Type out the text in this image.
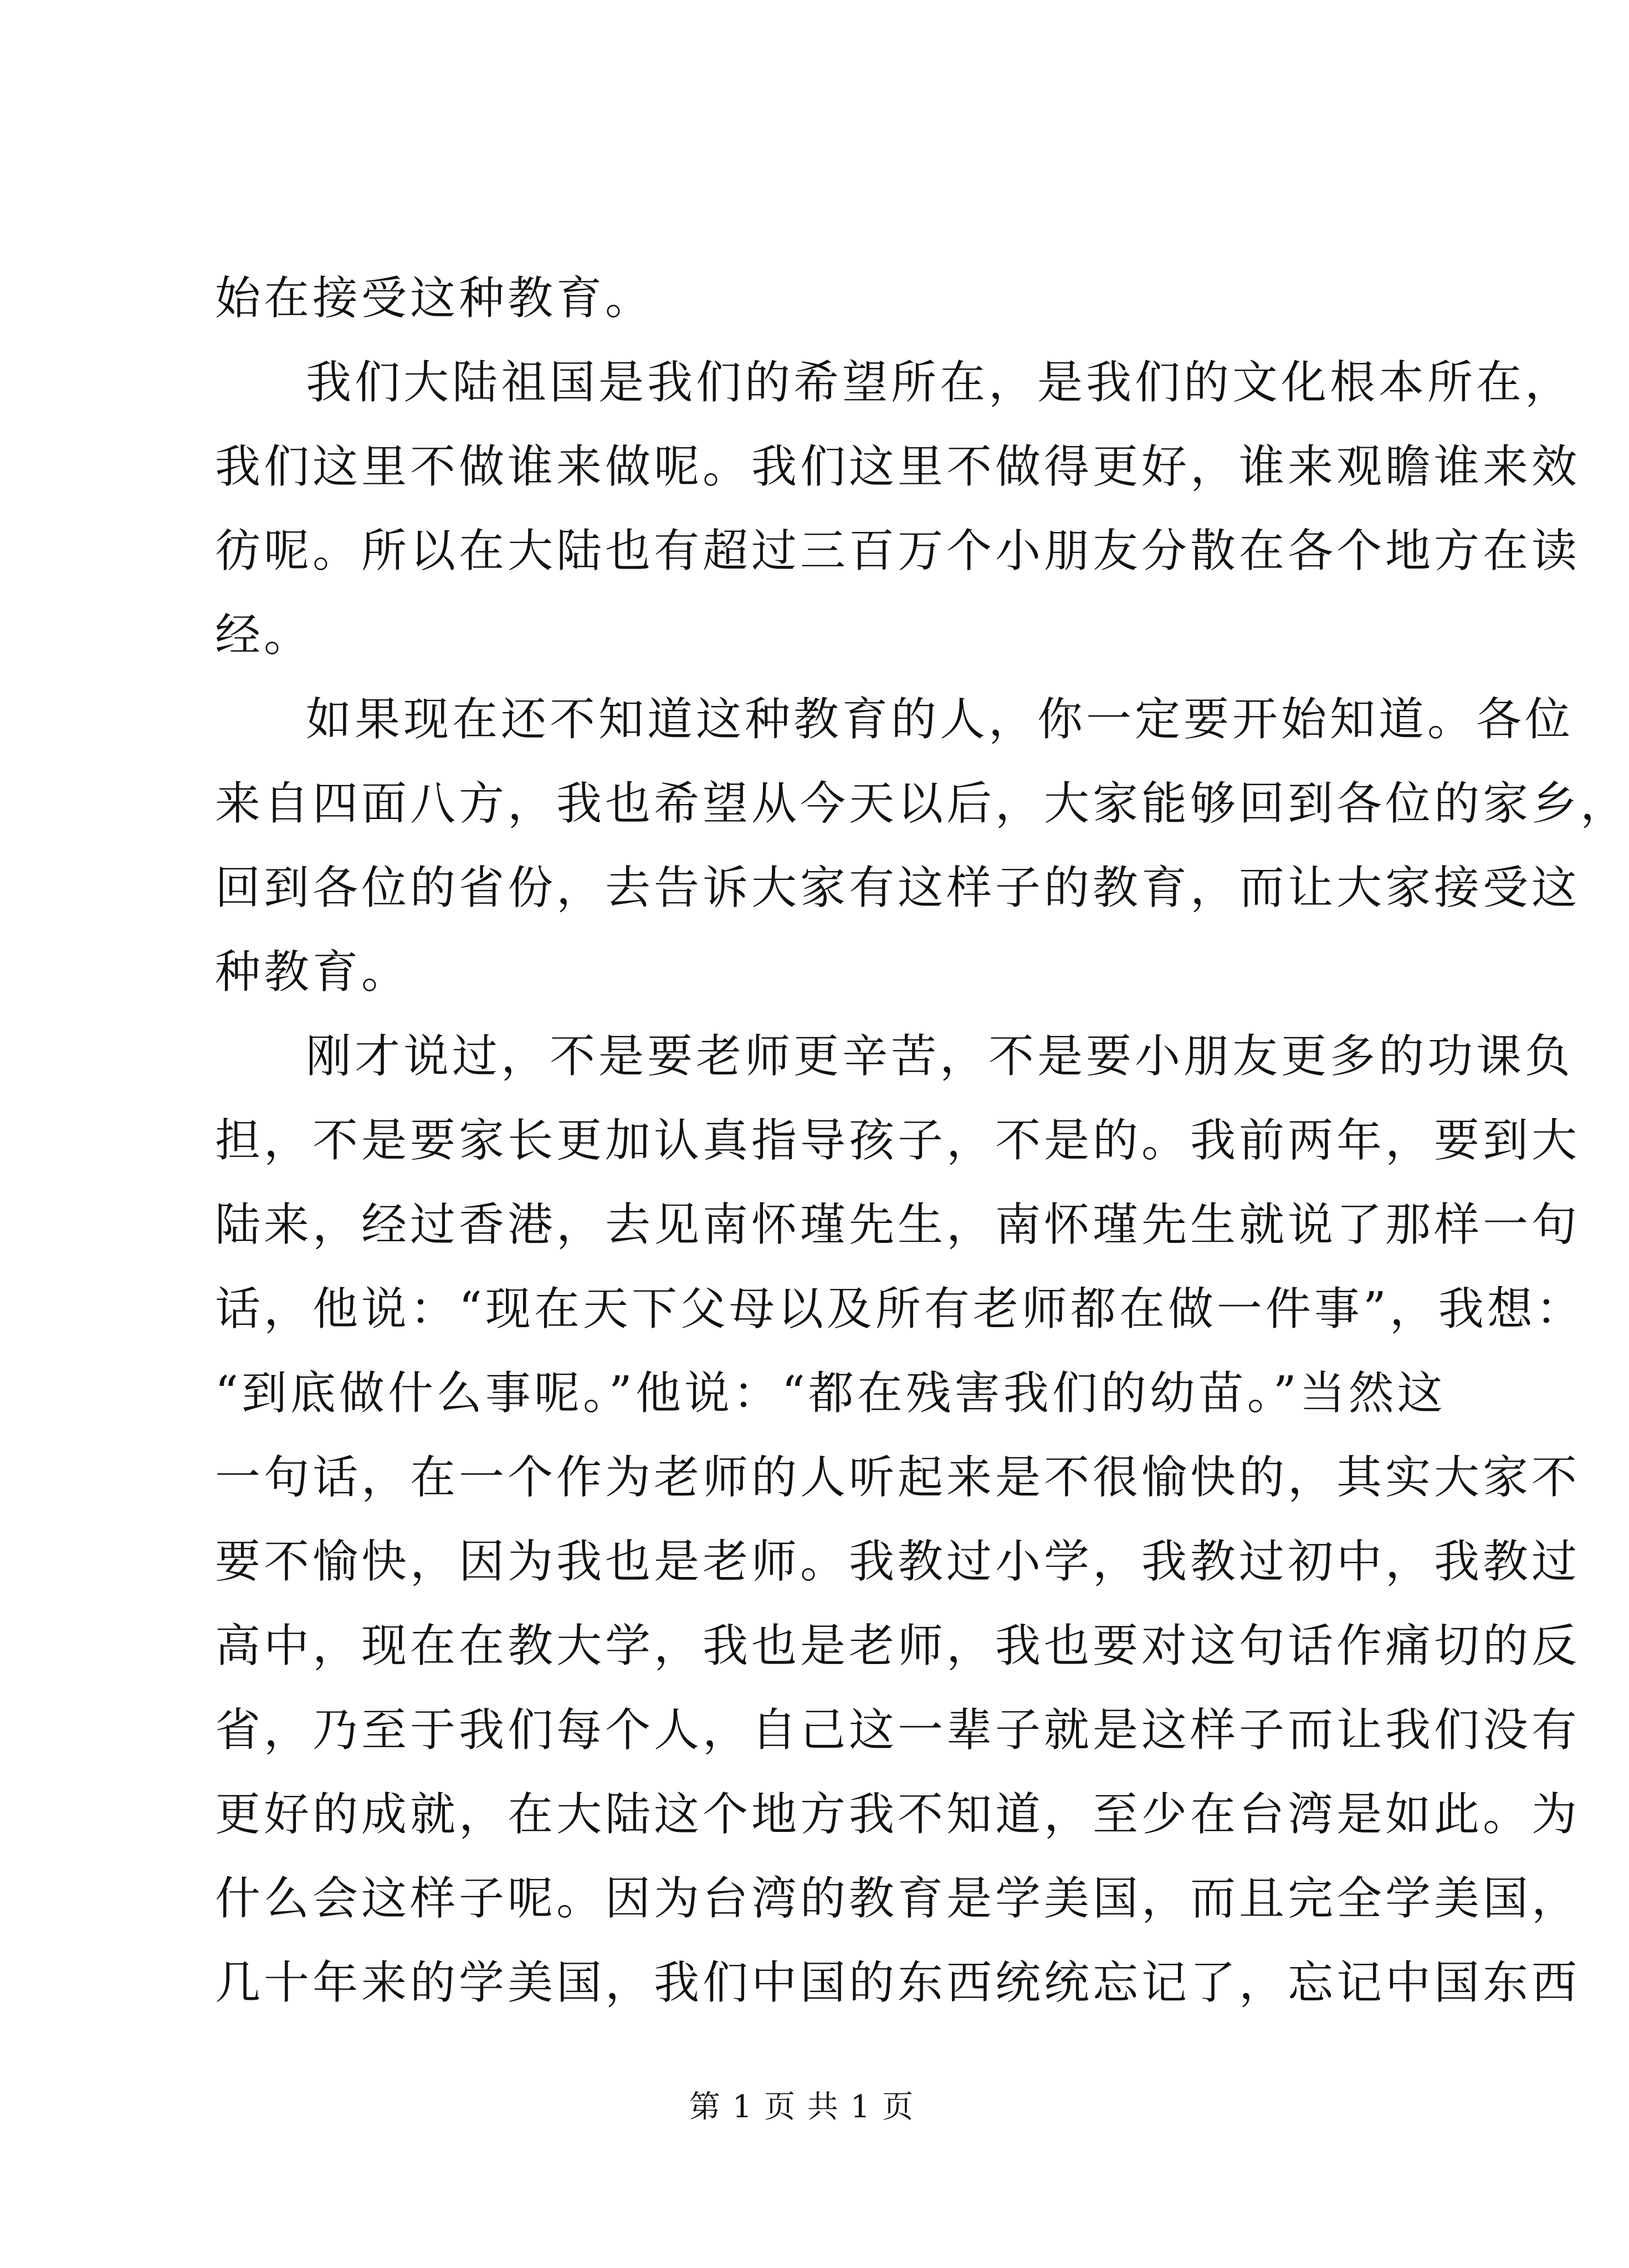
始在接受这种教育。
我们大陆祖国是我们的希望所在，是我们的文化根本所在，
我们这里不做谁来做呢。我们这里不做得更好，谁来观瞻谁来效
彷呢。所以在大陆也有超过三百万个小朋友分散在各个地方在读
经。
如果现在还不知道这种教育的人，你一定要开始知道。各位
来自四面八方，我也希望从今天以后，大家能够回到各位的家乡，
回到各位的省份，去告诉大家有这样子的教育，而让大家接受这
种教育。
刚才说过，不是要老师更辛苦，不是要小朋友更多的功课负
担，不是要家长更加认真指导孩子，不是的。我前两年，要到大
陆来，经过香港，去见南怀瑾先生，南怀瑾先生就说了那样一句
话，他说：“现在天下父母以及所有老师都在做一件事”，我想：
“到底做什么事呢。”他说：“都在残害我们的幼苗。”当然这
一句话，在一个作为老师的人听起来是不很愉快的，其实大家不
要不愉快，因为我也是老师。我教过小学，我教过初中，我教过
高中，现在在教大学，我也是老师，我也要对这句话作痛切的反
省，乃至于我们每个人，自己这一辈子就是这样子而让我们没有
更好的成就，在大陆这个地方我不知道，至少在台湾是如此。为
什么会这样子呢。因为台湾的教育是学美国，而且完全学美国，
几十年来的学美国，我们中国的东西统统忘记了，忘记中国东西
第 1 页 共 1 页
